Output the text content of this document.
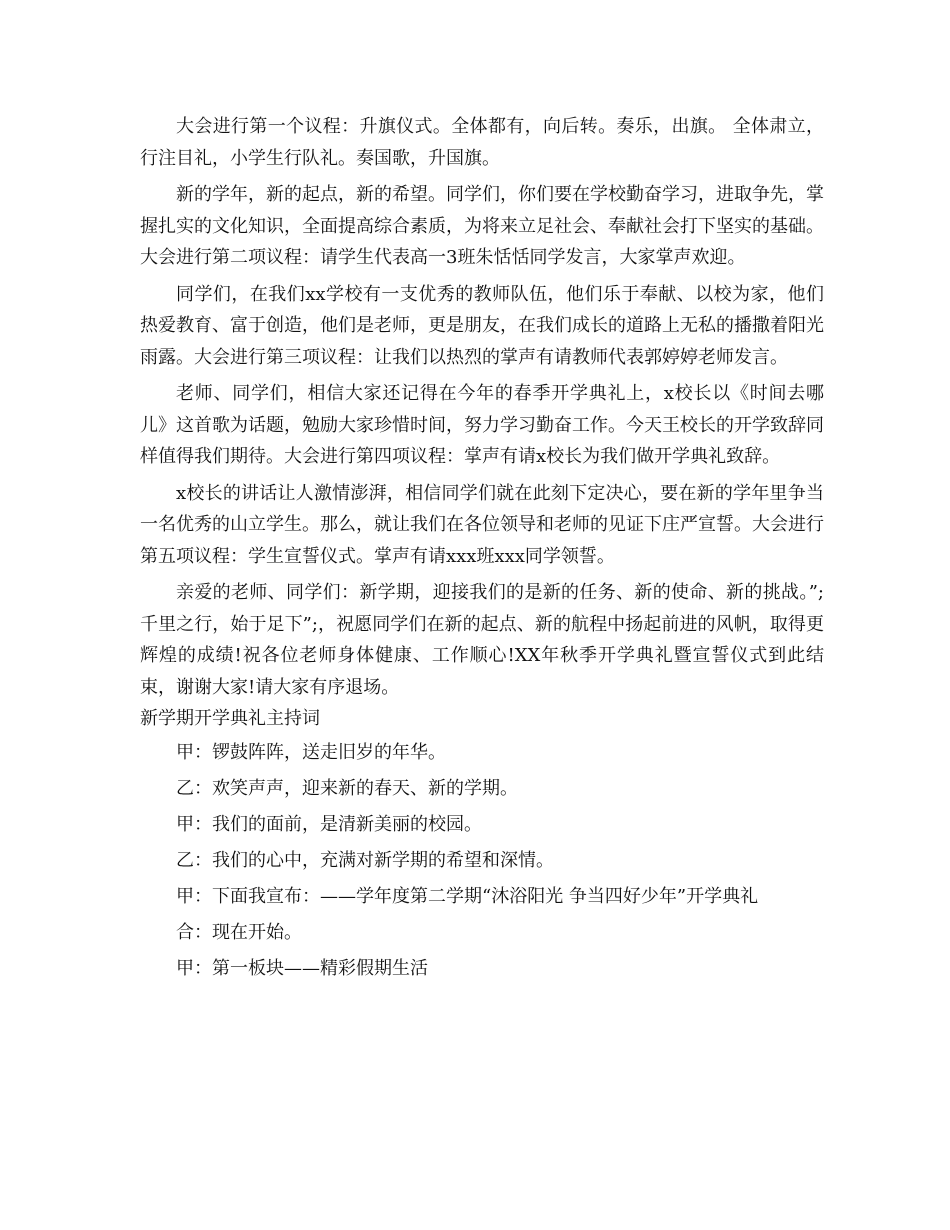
大会进行第一个议程：升旗仪式。全体都有，向后转。奏乐，出旗。 全体肃立，行注目礼，小学生行队礼。奏国歌，升国旗。

新的学年，新的起点，新的希望。同学们，你们要在学校勤奋学习，进取争先，掌握扎实的文化知识，全面提高综合素质，为将来立足社会、奉献社会打下坚实的基础。大会进行第二项议程：请学生代表高一3班朱恬恬同学发言，大家掌声欢迎。

同学们，在我们xx学校有一支优秀的教师队伍，他们乐于奉献、以校为家，他们热爱教育、富于创造，他们是老师，更是朋友，在我们成长的道路上无私的播撒着阳光雨露。大会进行第三项议程：让我们以热烈的掌声有请教师代表郭婷婷老师发言。

老师、同学们，相信大家还记得在今年的春季开学典礼上，x校长以《时间去哪儿》这首歌为话题，勉励大家珍惜时间，努力学习勤奋工作。今天王校长的开学致辞同样值得我们期待。大会进行第四项议程：掌声有请x校长为我们做开学典礼致辞。

x校长的讲话让人激情澎湃，相信同学们就在此刻下定决心，要在新的学年里争当一名优秀的山立学生。那么，就让我们在各位领导和老师的见证下庄严宣誓。大会进行第五项议程：学生宣誓仪式。掌声有请xxx班xxx同学领誓。

亲爱的老师、同学们：新学期，迎接我们的是新的任务、新的使命、新的挑战。”;千里之行，始于足下”;，祝愿同学们在新的起点、新的航程中扬起前进的风帆，取得更辉煌的成绩!祝各位老师身体健康、工作顺心!XX年秋季开学典礼暨宣誓仪式到此结束，谢谢大家!请大家有序退场。

新学期开学典礼主持词

甲：锣鼓阵阵，送走旧岁的年华。

乙：欢笑声声，迎来新的春天、新的学期。

甲：我们的面前，是清新美丽的校园。

乙：我们的心中，充满对新学期的希望和深情。

甲：下面我宣布：——学年度第二学期“沐浴阳光 争当四好少年”开学典礼

合：现在开始。

甲：第一板块——精彩假期生活
